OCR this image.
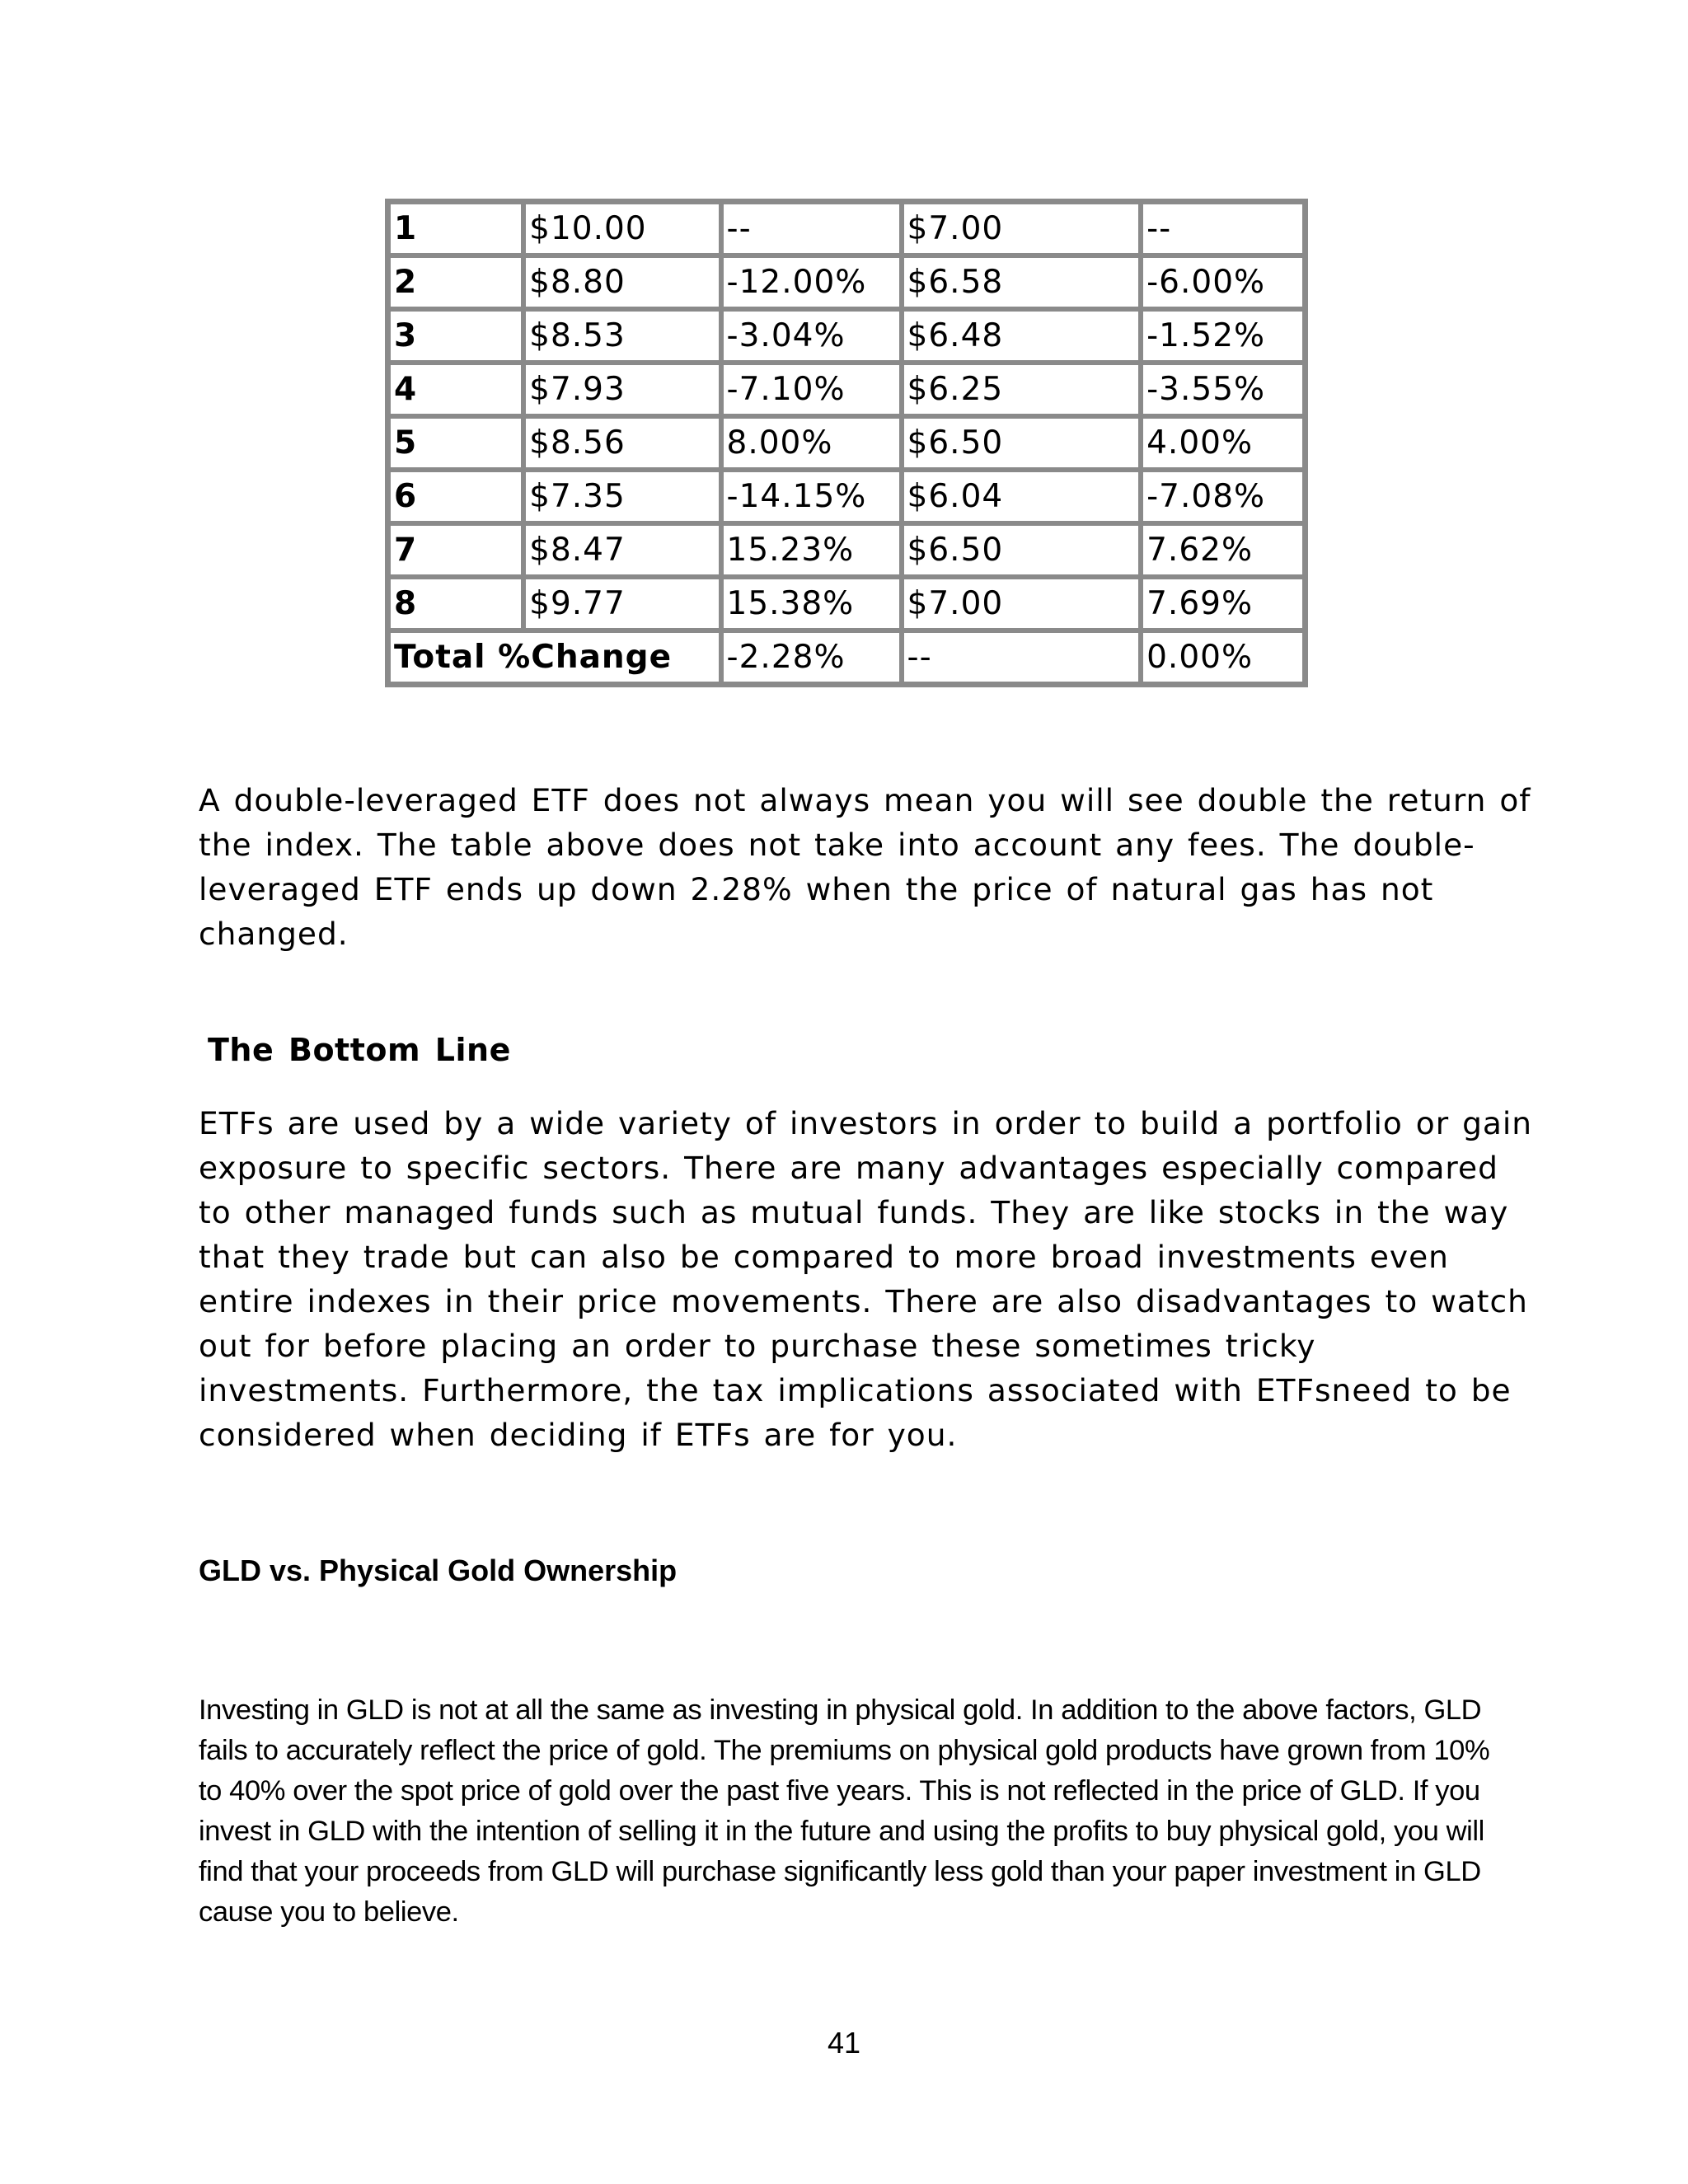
1	$10.00	--	$7.00	--
2	$8.80	-12.00%	$6.58	-6.00%
3	$8.53	-3.04%	$6.48	-1.52%
4	$7.93	-7.10%	$6.25	-3.55%
5	$8.56	8.00%	$6.50	4.00%
6	$7.35	-14.15%	$6.04	-7.08%
7	$8.47	15.23%	$6.50	7.62%
8	$9.77	15.38%	$7.00	7.69%
Total %Change		-2.28%	--	0.00%

A double-leveraged ETF does not always mean you will see double the return of the index. The table above does not take into account any fees. The double-leveraged ETF ends up down 2.28% when the price of natural gas has not changed.

The Bottom Line

ETFs are used by a wide variety of investors in order to build a portfolio or gain exposure to specific sectors. There are many advantages especially compared to other managed funds such as mutual funds. They are like stocks in the way that they trade but can also be compared to more broad investments even entire indexes in their price movements. There are also disadvantages to watch out for before placing an order to purchase these sometimes tricky investments. Furthermore, the tax implications associated with ETFsneed to be considered when deciding if ETFs are for you.

GLD vs. Physical Gold Ownership

Investing in GLD is not at all the same as investing in physical gold. In addition to the above factors, GLD fails to accurately reflect the price of gold. The premiums on physical gold products have grown from 10% to 40% over the spot price of gold over the past five years. This is not reflected in the price of GLD. If you invest in GLD with the intention of selling it in the future and using the profits to buy physical gold, you will find that your proceeds from GLD will purchase significantly less gold than your paper investment in GLD cause you to believe.

41
